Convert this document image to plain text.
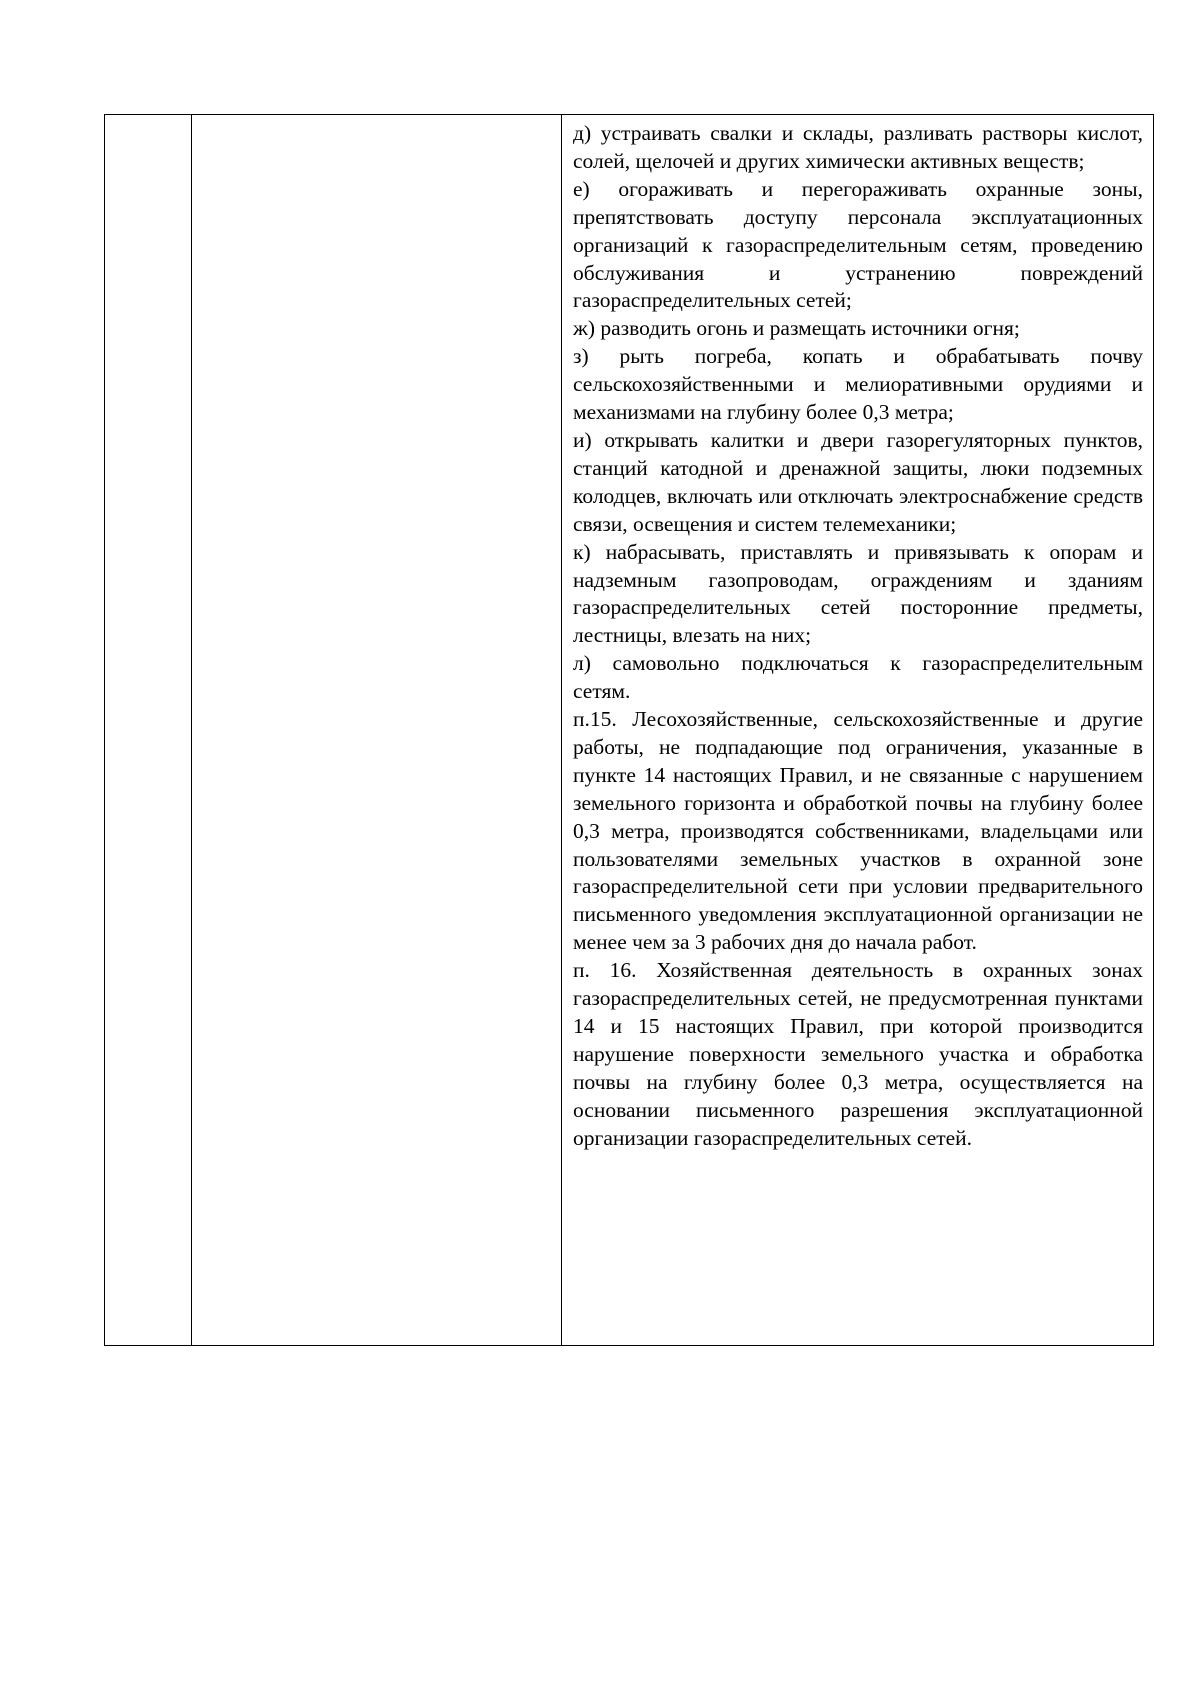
д) устраивать свалки и склады, разливать растворы кислот, солей, щелочей и других химически активных веществ;

е) огораживать и перегораживать охранные зоны, препятствовать доступу персонала эксплуатационных организаций к газораспределительным сетям, проведению обслуживания и устранению повреждений газораспределительных сетей;

ж) разводить огонь и размещать источники огня;

з) рыть погреба, копать и обрабатывать почву сельскохозяйственными и мелиоративными орудиями и механизмами на глубину более 0,3 метра;

и) открывать калитки и двери газорегуляторных пунктов, станций катодной и дренажной защиты, люки подземных колодцев, включать или отключать электроснабжение средств связи, освещения и систем телемеханики;

к) набрасывать, приставлять и привязывать к опорам и надземным газопроводам, ограждениям и зданиям газораспределительных сетей посторонние предметы, лестницы, влезать на них;

л) самовольно подключаться к газораспределительным

сетям.

п.15. Лесохозяйственные, сельскохозяйственные и другие работы, не подпадающие под ограничения, указанные в пункте 14 настоящих Правил, и не связанные с нарушением земельного горизонта и обработкой почвы на глубину более 0,3 метра, производятся собственниками, владельцами или пользователями земельных участков в охранной зоне газораспределительной сети при условии предварительного письменного уведомления эксплуатационной организации не менее чем за 3 рабочих дня до начала работ.

п. 16. Хозяйственная деятельность в охранных зонах газораспределительных сетей, не предусмотренная пунктами 14 и 15 настоящих Правил, при которой производится нарушение поверхности земельного участка и обработка почвы на глубину более 0,3 метра, осуществляется на основании письменного разрешения эксплуатационной организации газораспределительных сетей.
